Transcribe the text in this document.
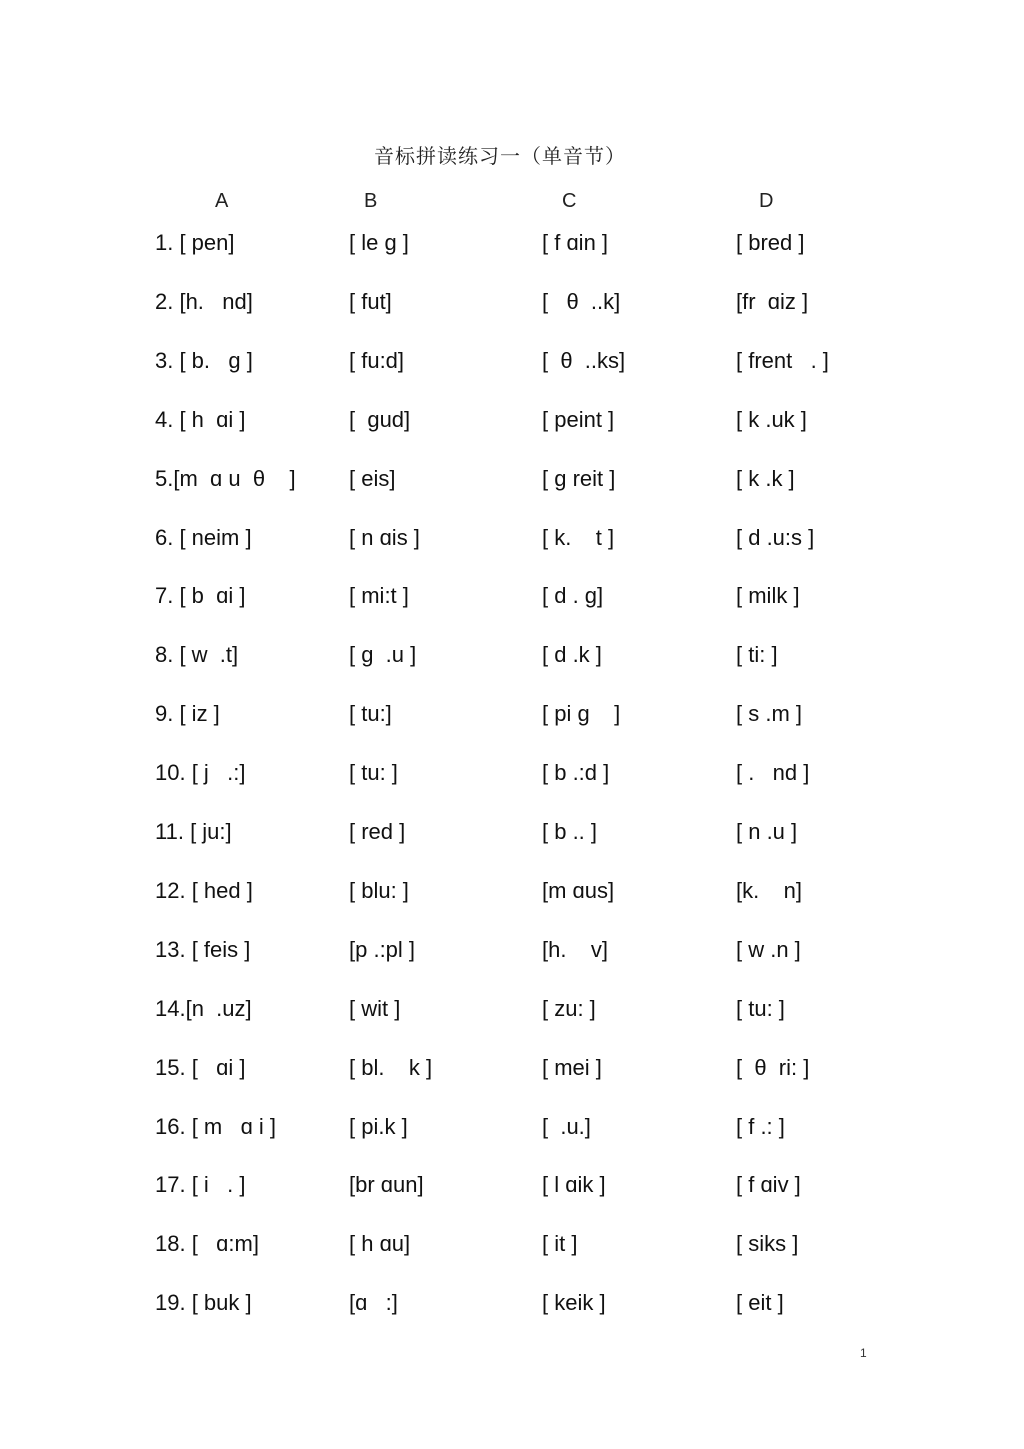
音标拼读练习一（单音节）
A	B	C	D
1. [ pen]	[ le ɡ ]	[ f ɑin ]	[ bred ]
2. [h.   nd]	[ fut]	[   θ  ..k]	[fr  ɑiz ]
3. [ b.   ɡ ]	[ fu:d]	[  θ  ..ks]	[ frent   . ]
4. [ h  ɑi ]	[  ɡud]	[ peint ]	[ k .uk ]
5.[m  ɑ u  θ    ] [ eis]	[ ɡ reit ]	[ k .k ]
6. [ neim ]	[ n ɑis ]	[ k.    t ]	[ d .u:s ]
7. [ b  ɑi ]	[ mi:t ]	[ d . ɡ]	[ milk ]
8. [ w  .t]	[ ɡ  .u ]	[ d .k ]	[ ti: ]
9. [ iz ]	[ tu:]	[ pi ɡ    ]	[ s .m ]
10. [ j   .:]	[ tu: ]	[ b .:d ]	[ .   nd ]
11. [ ju:]	[ red ]	[ b .. ]	[ n .u ]
12. [ hed ]	[ blu: ]	[m ɑus]	[k.    n]
13. [ feis ]	[p .:pl ]	[h.    v]	[ w .n ]
14.[n  .uz]	[ wit ]	[ zu: ]	[ tu: ]
15. [   ɑi ]	[ bl.    k ]	[ mei ]	[  θ  ri: ]
16. [ m   ɑ i ]	[ pi.k ]	[  .u.]	[ f .: ]
17. [ i   . ]	[br ɑun]	[ l ɑik ]	[ f ɑiv ]
18. [   ɑ:m]	[ h ɑu]	[ it ]	[ siks ]
19. [ buk ]	[ɑ   :]	[ keik ]	[ eit ]
1
